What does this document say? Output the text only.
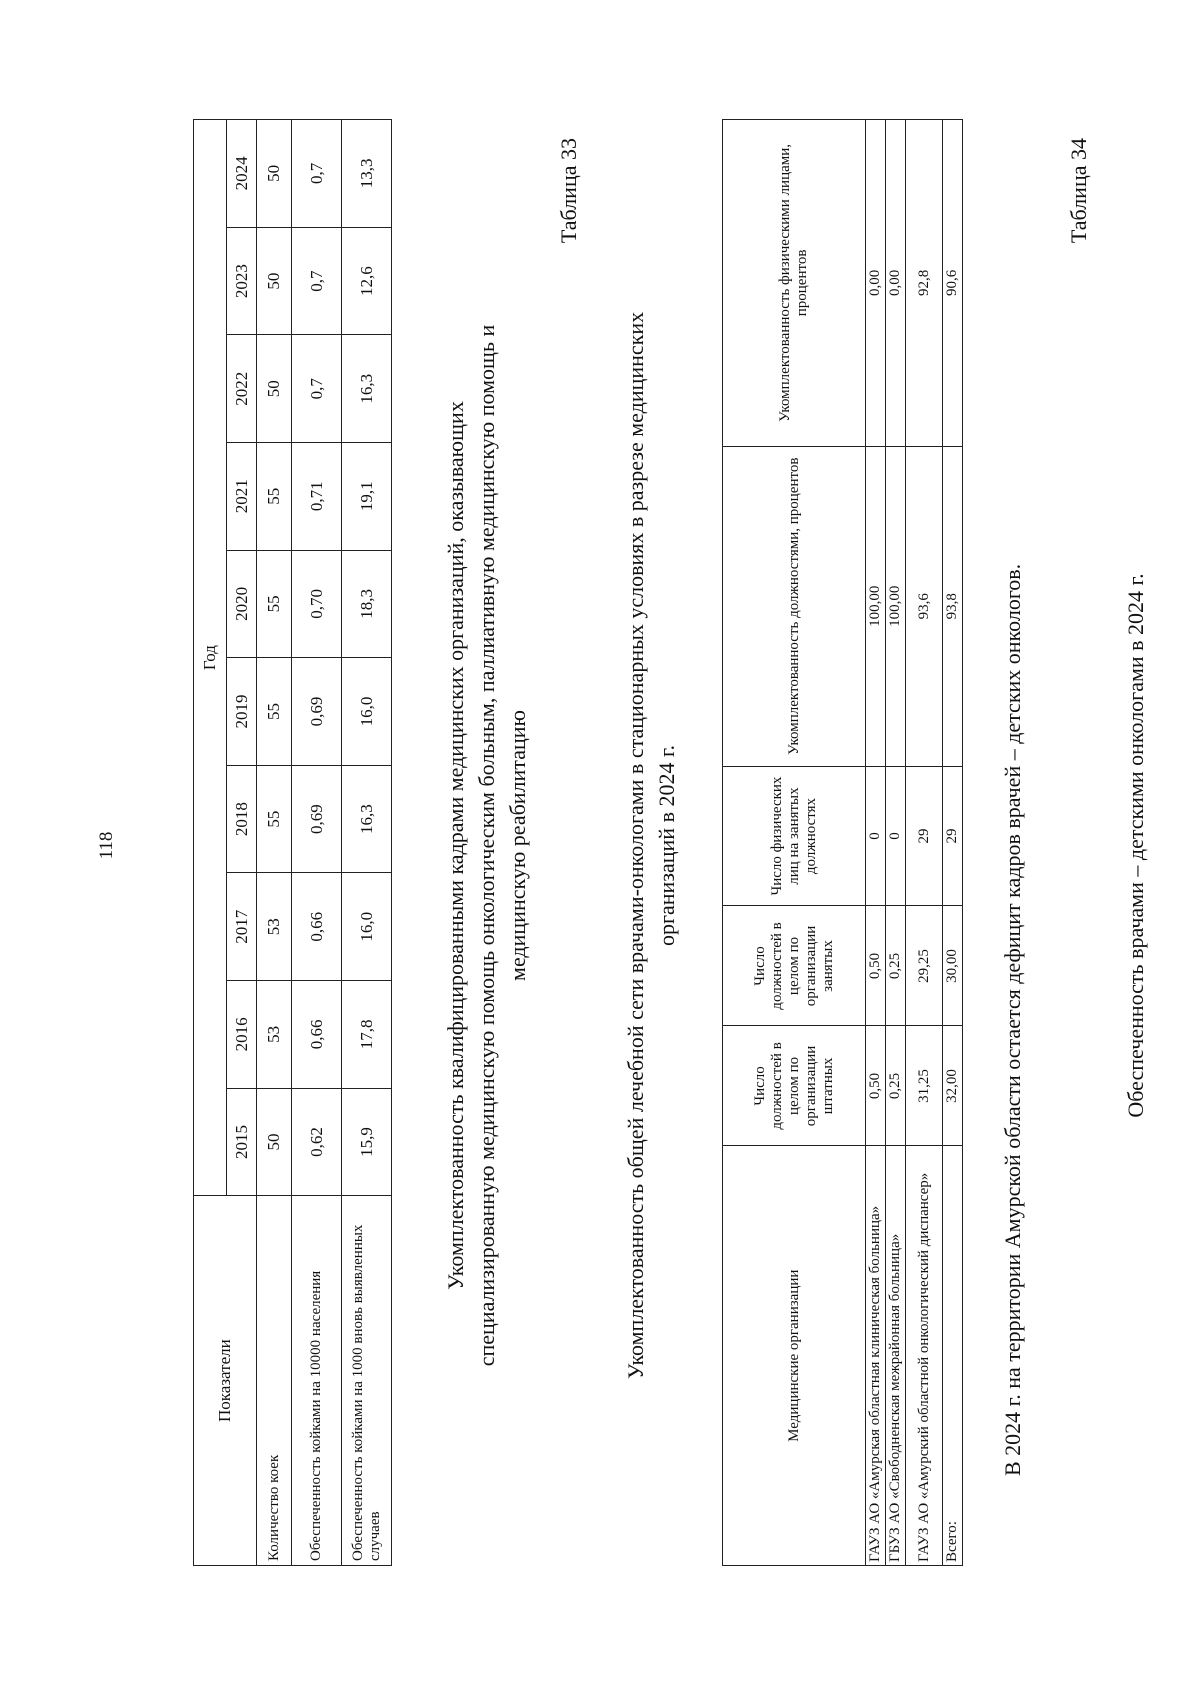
118
Показатели	Год									
	2015	2016	2017	2018	2019	2020	2021	2022	2023	2024
Количество коек	50	53	53	55	55	55	55	50	50	50
Обеспеченность койками на 10000 населения	0,62	0,66	0,66	0,69	0,69	0,70	0,71	0,7	0,7	0,7
Обеспеченность койками на 1000 вновь выявленных случаев	15,9	17,8	16,0	16,3	16,0	18,3	19,1	16,3	12,6	13,3
Укомплектованность квалифицированными кадрами медицинских организаций, оказывающих специализированную медицинскую помощь онкологическим больным, паллиативную медицинскую помощь и медицинскую реабилитацию
Таблица 33
Укомплектованность общей лечебной сети врачами-онкологами в стационарных условиях в разрезе медицинских организаций в 2024 г.
Медицинские организации	Число должностей в целом по организации штатных	Число должностей в целом по организации занятых	Число физических лиц на занятых должностях	Укомплектованность должностями, процентов	Укомплектованность физическими лицами, процентов
ГАУЗ АО «Амурская областная клиническая больница»	0,50	0,50	0	100,00	0,00
ГБУЗ АО «Свободненская межрайонная больница»	0,25	0,25	0	100,00	0,00
ГАУЗ АО «Амурский областной онкологический диспансер»	31,25	29,25	29	93,6	92,8
Всего:	32,00	30,00	29	93,8	90,6
В 2024 г. на территории Амурской области остается дефицит кадров врачей – детских онкологов.
Таблица 34
Обеспеченность врачами – детскими онкологами в 2024 г.
